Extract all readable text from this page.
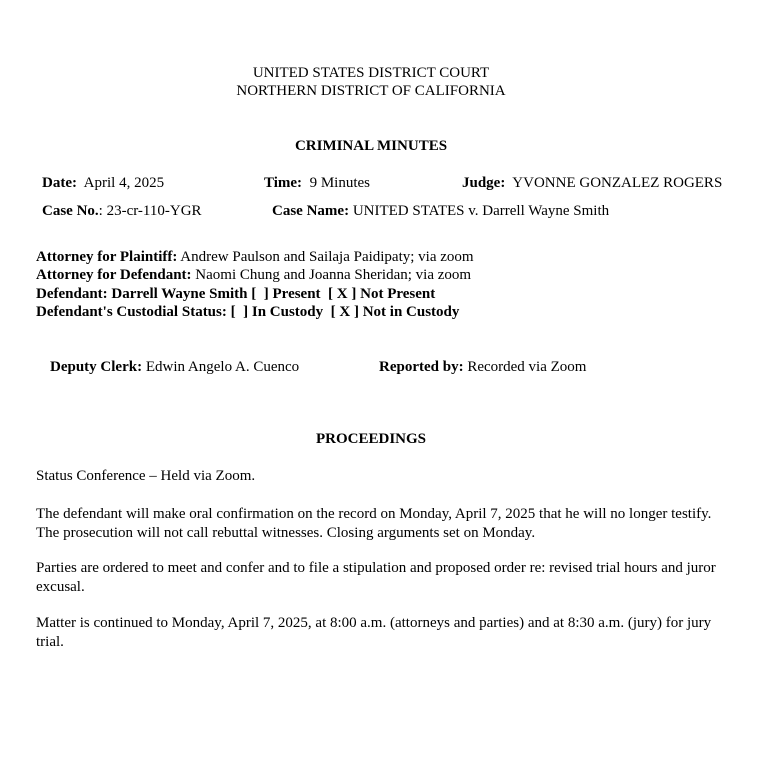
UNITED STATES DISTRICT COURT
NORTHERN DISTRICT OF CALIFORNIA
CRIMINAL MINUTES
Date: April 4, 2025	Time: 9 Minutes	Judge: YVONNE GONZALEZ ROGERS
Case No.: 23-cr-110-YGR	Case Name: UNITED STATES v. Darrell Wayne Smith
Attorney for Plaintiff: Andrew Paulson and Sailaja Paidipaty; via zoom
Attorney for Defendant: Naomi Chung and Joanna Sheridan; via zoom
Defendant: Darrell Wayne Smith [  ] Present  [ X ] Not Present
Defendant's Custodial Status: [  ] In Custody  [ X ] Not in Custody
Deputy Clerk: Edwin Angelo A. Cuenco	Reported by: Recorded via Zoom
PROCEEDINGS
Status Conference – Held via Zoom.
The defendant will make oral confirmation on the record on Monday, April 7, 2025 that he will no longer testify. The prosecution will not call rebuttal witnesses. Closing arguments set on Monday.
Parties are ordered to meet and confer and to file a stipulation and proposed order re: revised trial hours and juror excusal.
Matter is continued to Monday, April 7, 2025, at 8:00 a.m. (attorneys and parties) and at 8:30 a.m. (jury) for jury trial.
